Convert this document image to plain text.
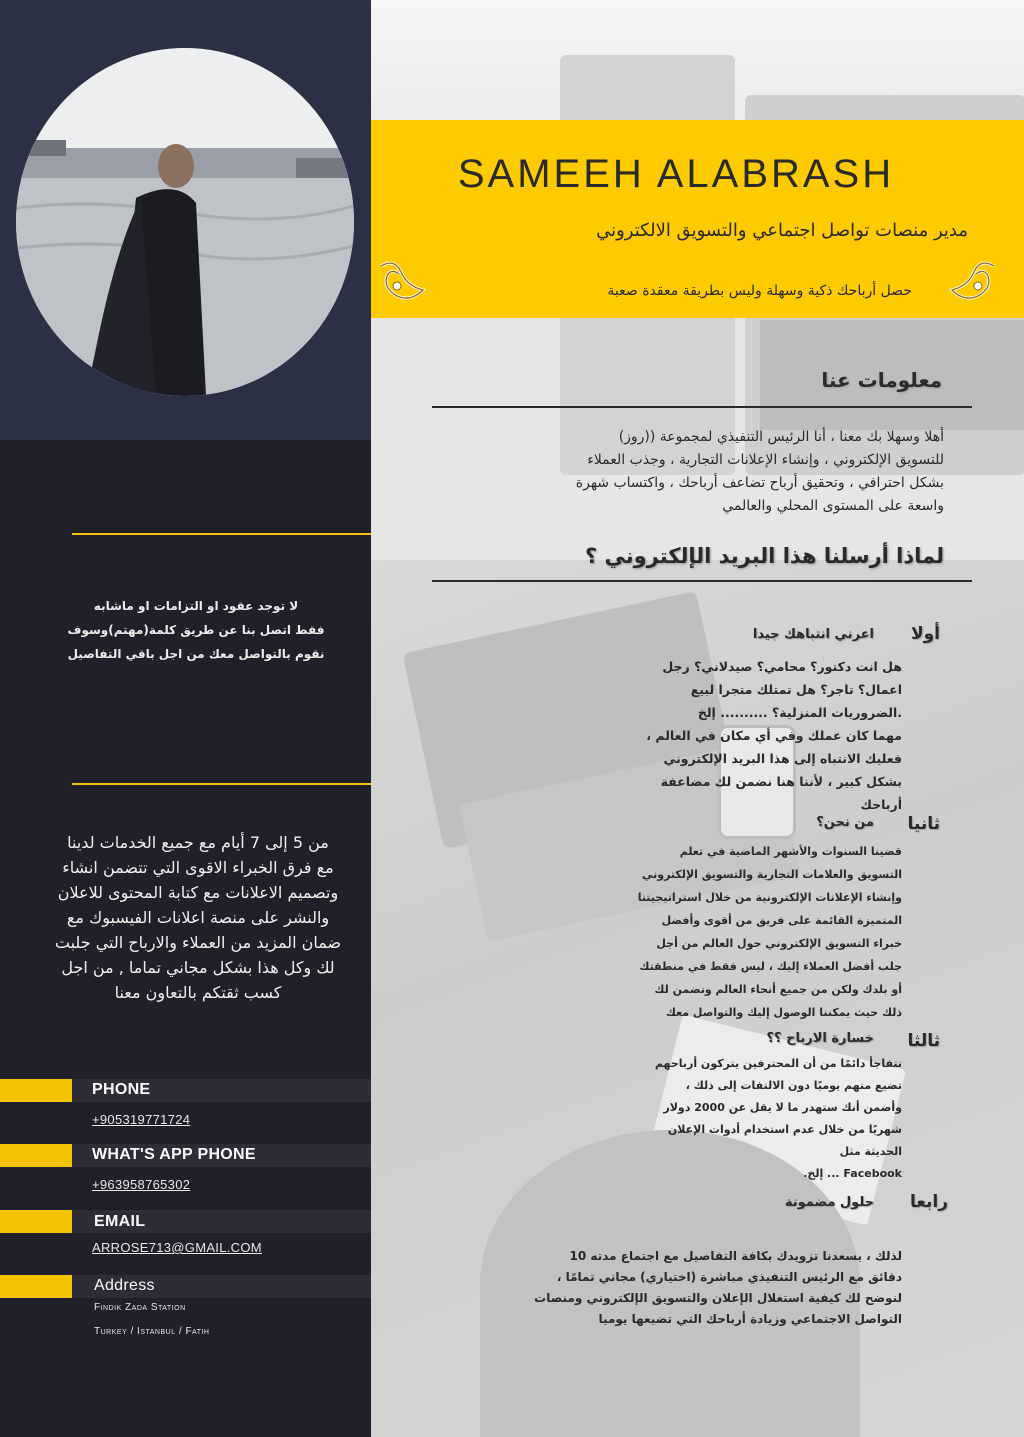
لا توجد عقود او التزامات او ماشابه
فقط اتصل بنا عن طريق كلمة(مهتم)وسوف
نقوم بالتواصل معك من اجل باقي التفاصيل
من 5 إلى 7 أيام مع جميع الخدمات لدينا
مع فرق الخبراء الاقوى التي تتضمن انشاء
وتصميم الاعلانات مع كتابة المحتوى للاعلان
والنشر على منصة اعلانات الفيسبوك مع
ضمان المزيد من العملاء والارباح التي جلبت
لك وكل هذا بشكل مجاني تماما , من اجل
كسب ثقتكم بالتعاون معنا
PHONE
+905319771724
WHAT'S APP PHONE
+963958765302
EMAIL
ARROSE713@GMAIL.COM
Address
Findik Zada Station
Turkey / Istanbul / Fatih
SAMEEH ALABRASH
مدير منصات تواصل اجتماعي والتسويق الالكتروني
حصل أرباحك ذكية وسهلة وليس بطريقة معقدة صعبة
معلومات عنا
أهلا وسهلا بك معنا ، أنا الرئيس التنفيذي لمجموعة ((روز)
للتسويق الإلكتروني ، وإنشاء الإعلانات التجارية ، وجذب العملاء
بشكل احترافي ، وتحقيق أرباح تضاعف أرباحك ، واكتساب شهرة
واسعة على المستوى المحلي والعالمي
لماذا أرسلنا هذا البريد الإلكتروني ؟
أولا
اعرني انتباهك جيدا
هل انت دكتور؟ محامي؟ صيدلاني؟ رجل
اعمال؟ تاجر؟ هل تمتلك متجرا لبيع
.الضروريات المنزلية؟ .......... إلخ
مهما كان عملك وفي أي مكان في العالم ،
فعليك الانتباه إلى هذا البريد الإلكتروني
بشكل كبير ، لأننا هنا نضمن لك مضاعفة
أرباحك
ثانيا
من نحن؟
قضينا السنوات والأشهر الماضية في تعلم
التسويق والعلامات التجارية والتسويق الإلكتروني
وإنشاء الإعلانات الإلكترونية من خلال استراتيجيتنا
المتميزة القائمة على فريق من أقوى وأفضل
خبراء التسويق الإلكتروني حول العالم من أجل
جلب أفضل العملاء إليك ، ليس فقط في منطقتك
أو بلدك ولكن من جميع أنحاء العالم ونضمن لك
ذلك حيث يمكننا الوصول إليك والتواصل معك
ثالثا
خسارة الارباح ؟؟
نتفاجأ دائمًا من أن المحترفين يتركون أرباحهم
تضيع منهم يوميًا دون الالتفات إلى ذلك ،
وأضمن أنك ستهدر ما لا يقل عن 2000 دولار
شهريًا من خلال عدم استخدام أدوات الإعلان
الحديثة مثل
Facebook ... إلخ.
رابعا
حلول مضمونة
لذلك ، يسعدنا تزويدك بكافة التفاصيل مع اجتماع مدته 10
دقائق مع الرئيس التنفيذي مباشرة (اختياري) مجاني تمامًا ،
لنوضح لك كيفية استغلال الإعلان والتسويق الإلكتروني ومنصات
التواصل الاجتماعي وزيادة أرباحك التي تضيعها يوميا
